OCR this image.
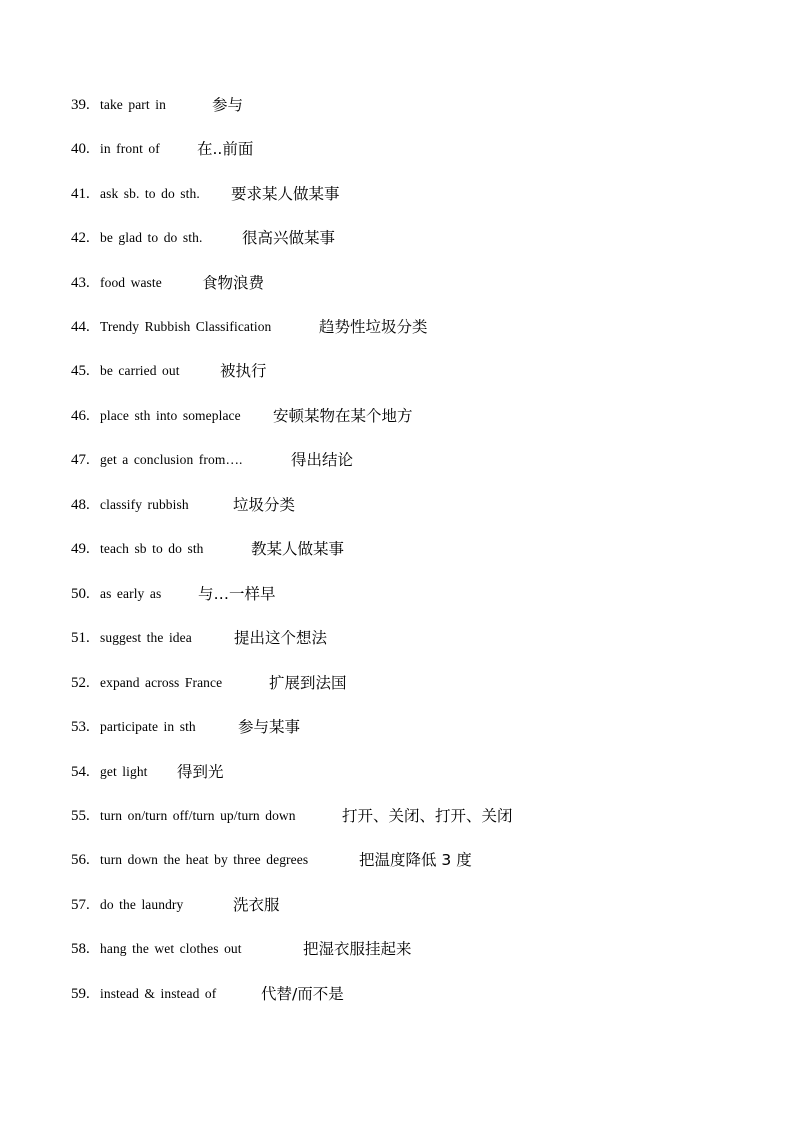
39. take part in	参与
40. in front of 在..前面
41. ask sb. to do sth. 要求某人做某事
42. be glad to do sth.	很高兴做某事
43. food waste	食物浪费
44. Trendy Rubbish Classification	趋势性垃圾分类
45. be carried out	被执行
46. place sth into someplace 安顿某物在某个地方
47. get a conclusion from….	得出结论
48. classify rubbish	垃圾分类
49. teach sb to do sth	教某人做某事
50. as early as 与…一样早
51. suggest the idea	提出这个想法
52. expand across France	扩展到法国
53. participate in sth	参与某事
54. get light 得到光
55. turn on/turn off/turn up/turn down	打开、关闭、打开、关闭
56. turn down the heat by three degrees	把温度降低 3 度
57. do the laundry	洗衣服
58. hang the wet clothes out	把湿衣服挂起来
59. instead & instead of	代替/而不是
